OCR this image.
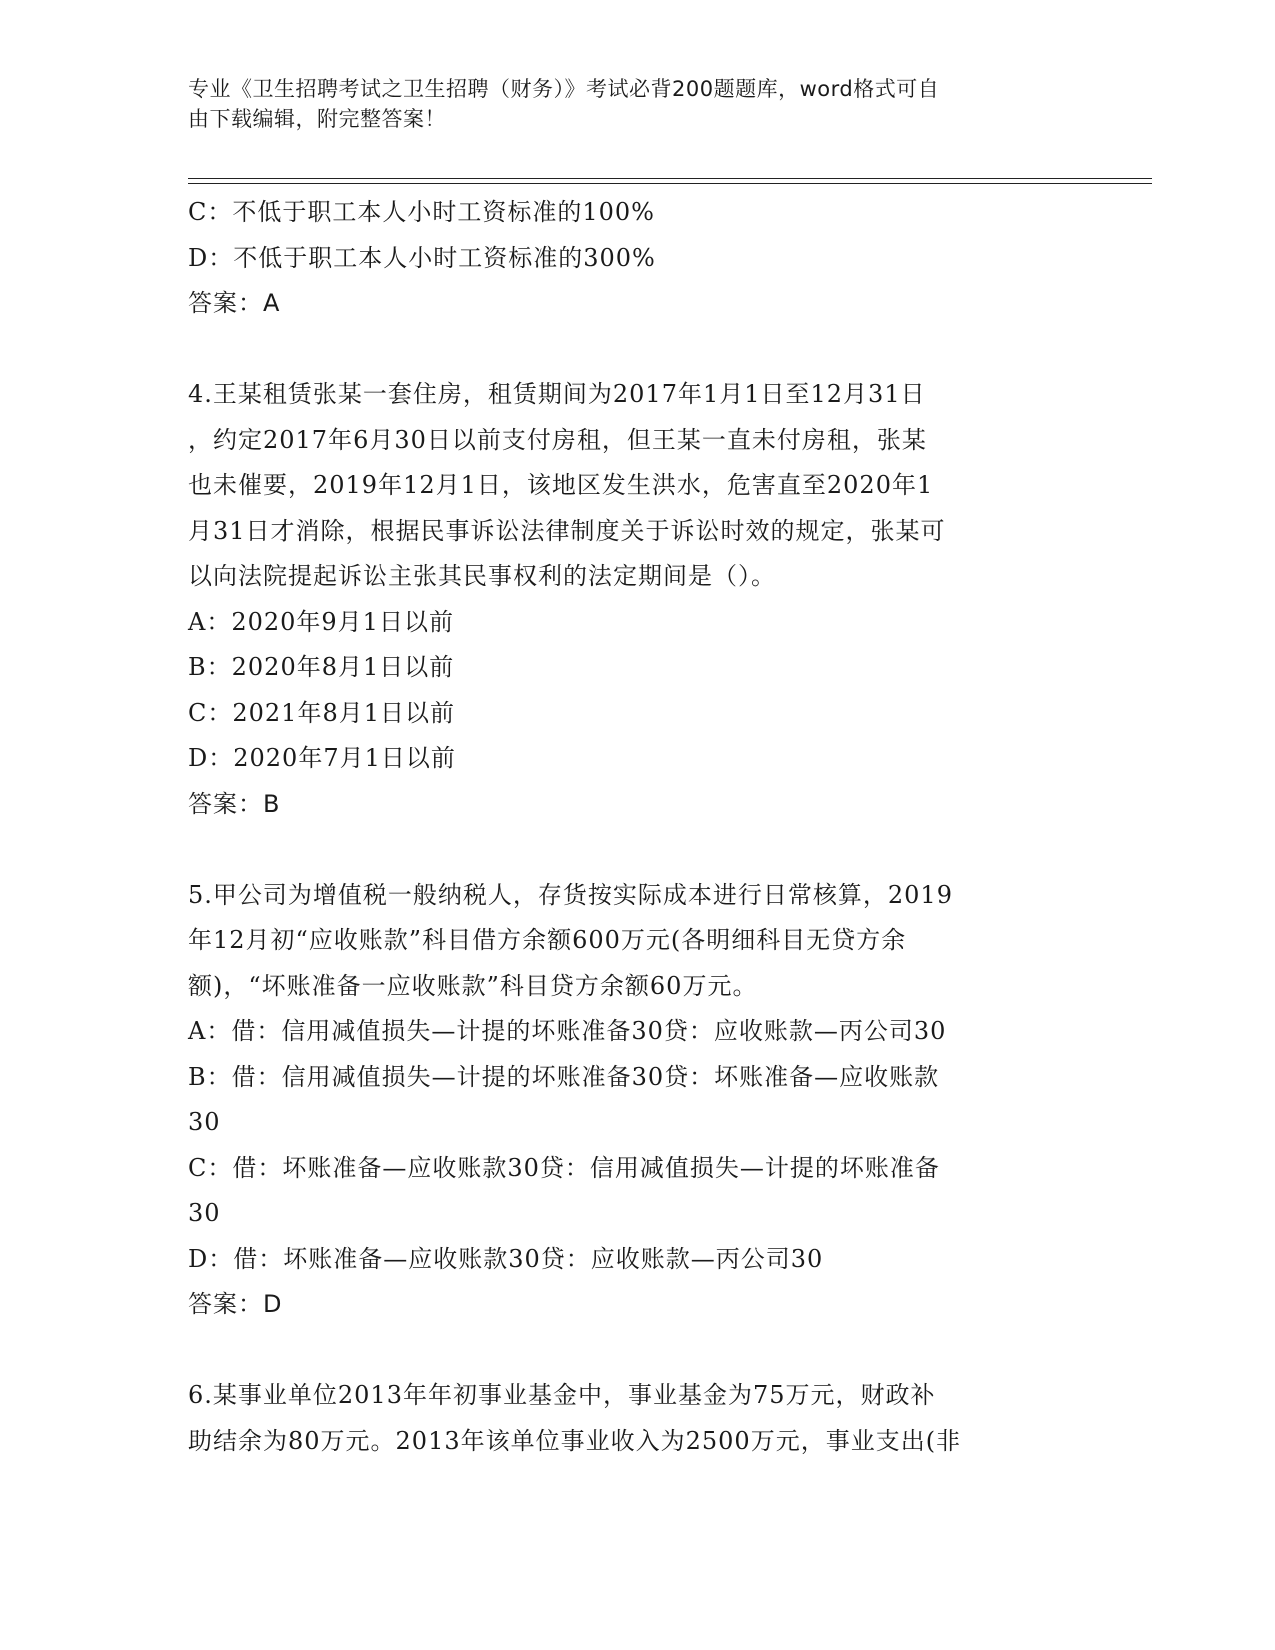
专业《卫生招聘考试之卫生招聘（财务）》考试必背200题题库，word格式可自
由下载编辑，附完整答案！
C：不低于职工本人小时工资标准的100%
D：不低于职工本人小时工资标准的300%
答案：A
4.王某租赁张某一套住房，租赁期间为2017年1月1日至12月31日
，约定2017年6月30日以前支付房租，但王某一直未付房租，张某
也未催要，2019年12月1日，该地区发生洪水，危害直至2020年1
月31日才消除，根据民事诉讼法律制度关于诉讼时效的规定，张某可
以向法院提起诉讼主张其民事权利的法定期间是（）。
A：2020年9月1日以前
B：2020年8月1日以前
C：2021年8月1日以前
D：2020年7月1日以前
答案：B
5.甲公司为增值税一般纳税人，存货按实际成本进行日常核算，2019
年12月初“应收账款”科目借方余额600万元(各明细科目无贷方余
额)，“坏账准备一应收账款”科目贷方余额60万元。
A：借：信用减值损失—计提的坏账准备30贷：应收账款—丙公司30
B：借：信用减值损失—计提的坏账准备30贷：坏账准备—应收账款
30
C：借：坏账准备—应收账款30贷：信用减值损失—计提的坏账准备
30
D：借：坏账准备—应收账款30贷：应收账款—丙公司30
答案：D
6.某事业单位2013年年初事业基金中，事业基金为75万元，财政补
助结余为80万元。2013年该单位事业收入为2500万元，事业支出(非
